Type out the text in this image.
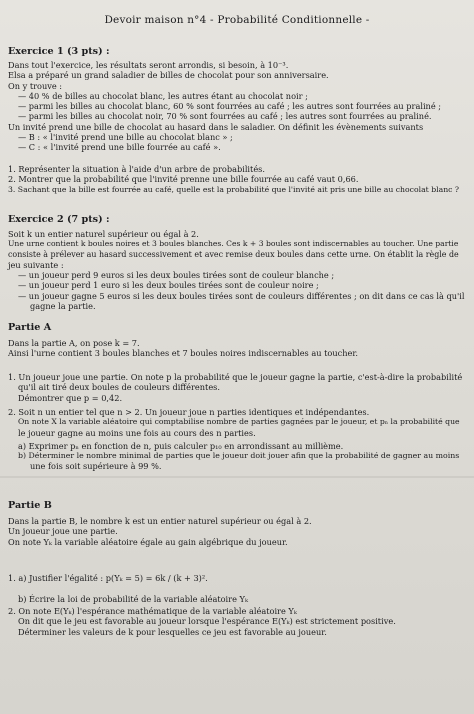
Devoir maison n°4 - Probabilité Conditionnelle -
Exercice 1 (3 pts) :

Dans tout l'exercice, les résultats seront arrondis, si besoin, à 10⁻³.

Elsa a préparé un grand saladier de billes de chocolat pour son anniversaire.

On y trouve :

— 40 % de billes au chocolat blanc, les autres étant au chocolat noir ;

— parmi les billes au chocolat blanc, 60 % sont fourrées au café ; les autres sont fourrées au praliné ;

— parmi les billes au chocolat noir, 70 % sont fourrées au café ; les autres sont fourrées au praliné.

Un invité prend une bille de chocolat au hasard dans le saladier. On définit les évènements suivants

— B : « l'invité prend une bille au chocolat blanc » ;

— C : « l'invité prend une bille fourrée au café ».

1. Représenter la situation à l'aide d'un arbre de probabilités.

2. Montrer que la probabilité que l'invité prenne une bille fourrée au café vaut 0,66.

3. Sachant que la bille est fourrée au café, quelle est la probabilité que l'invité ait pris une bille au chocolat blanc ?

Exercice 2 (7 pts) :

Soit k un entier naturel supérieur ou égal à 2.

Une urne contient k boules noires et 3 boules blanches. Ces k + 3 boules sont indiscernables au toucher. Une partie

consiste à prélever au hasard successivement et avec remise deux boules dans cette urne. On établit la règle de

jeu suivante :

— un joueur perd 9 euros si les deux boules tirées sont de couleur blanche ;

— un joueur perd 1 euro si les deux boules tirées sont de couleur noire ;

— un joueur gagne 5 euros si les deux boules tirées sont de couleurs différentes ; on dit dans ce cas là qu'il

gagne la partie.

Partie A

Dans la partie A, on pose k = 7.

Ainsi l'urne contient 3 boules blanches et 7 boules noires indiscernables au toucher.

1. Un joueur joue une partie. On note p la probabilité que le joueur gagne la partie, c'est-à-dire la probabilité

qu'il ait tiré deux boules de couleurs différentes.

Démontrer que p = 0,42.

2. Soit n un entier tel que n > 2. Un joueur joue n parties identiques et indépendantes.

On note X la variable aléatoire qui comptabilise nombre de parties gagnées par le joueur, et pₙ la probabilité que

le joueur gagne au moins une fois au cours des n parties.

a) Exprimer pₙ en fonction de n, puis calculer p₁₀ en arrondissant au millième.

b) Déterminer le nombre minimal de parties que le joueur doit jouer afin que la probabilité de gagner au moins

une fois soit supérieure à 99 %.

Partie B

Dans la partie B, le nombre k est un entier naturel supérieur ou égal à 2.

Un joueur joue une partie.

On note Yₖ la variable aléatoire égale au gain algébrique du joueur.

1. a) Justifier l'égalité : p(Yₖ = 5) = 6k / (k + 3)².

b) Écrire la loi de probabilité de la variable aléatoire Yₖ

2. On note E(Yₖ) l'espérance mathématique de la variable aléatoire Yₖ

On dit que le jeu est favorable au joueur lorsque l'espérance E(Yₖ) est strictement positive.

Déterminer les valeurs de k pour lesquelles ce jeu est favorable au joueur.
